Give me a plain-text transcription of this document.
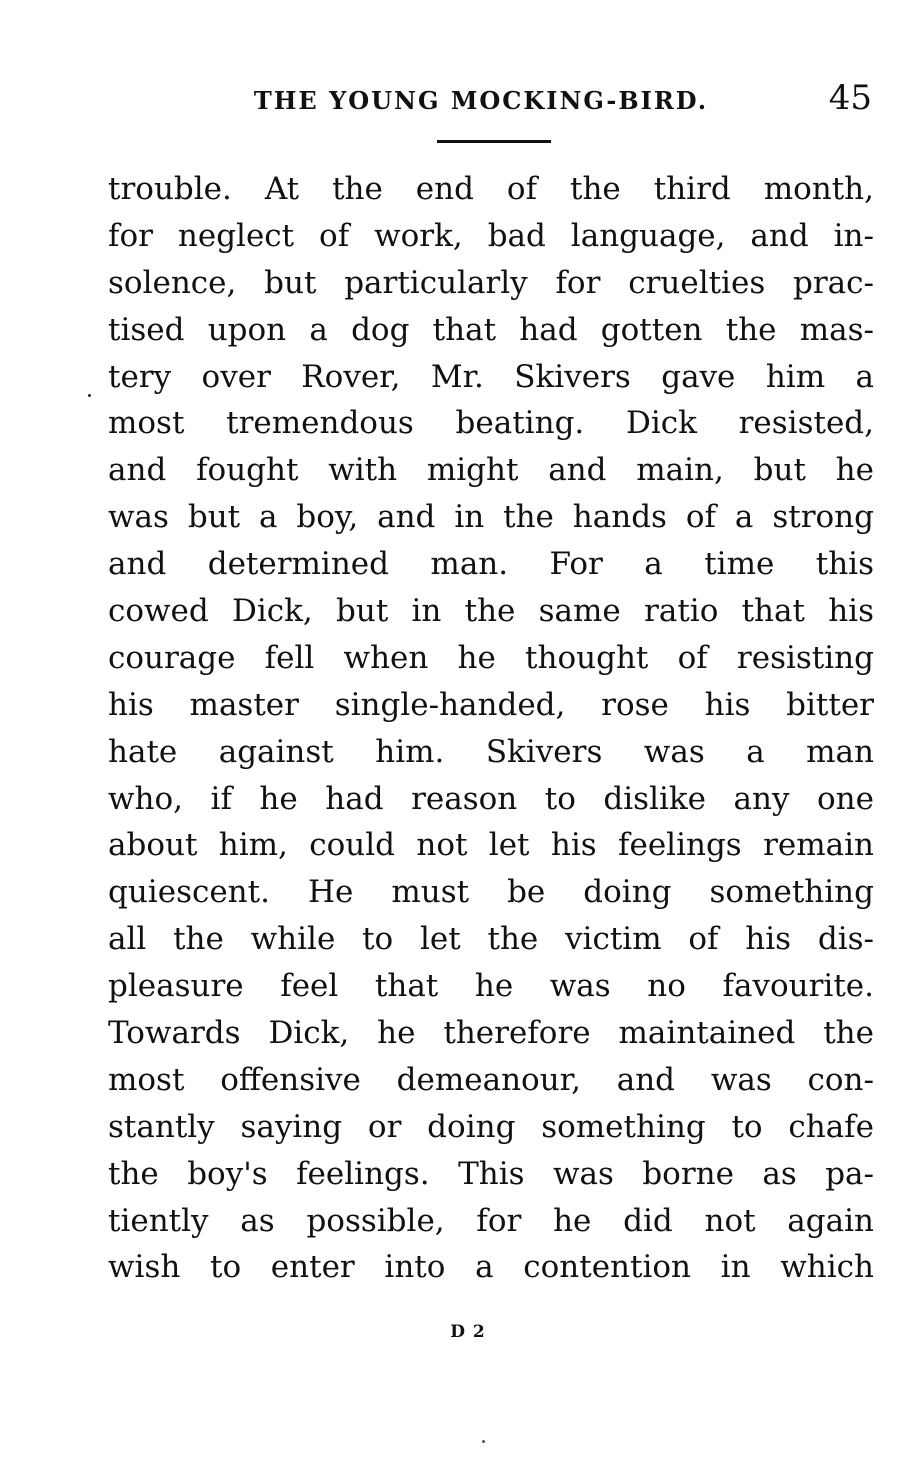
THE YOUNG MOCKING-BIRD.	45
trouble. At the end of the third month,
for neglect of work, bad language, and in-
solence, but particularly for cruelties prac-
tised upon a dog that had gotten the mas-
tery over Rover, Mr. Skivers gave him a
most tremendous beating. Dick resisted,
and fought with might and main, but he
was but a boy, and in the hands of a strong
and determined man. For a time this
cowed Dick, but in the same ratio that his
courage fell when he thought of resisting
his master single-handed, rose his bitter
hate against him. Skivers was a man
who, if he had reason to dislike any one
about him, could not let his feelings remain
quiescent. He must be doing something
all the while to let the victim of his dis-
pleasure feel that he was no favourite.
Towards Dick, he therefore maintained the
most offensive demeanour, and was con-
stantly saying or doing something to chafe
the boy's feelings. This was borne as pa-
tiently as possible, for he did not again
wish to enter into a contention in which
D 2
